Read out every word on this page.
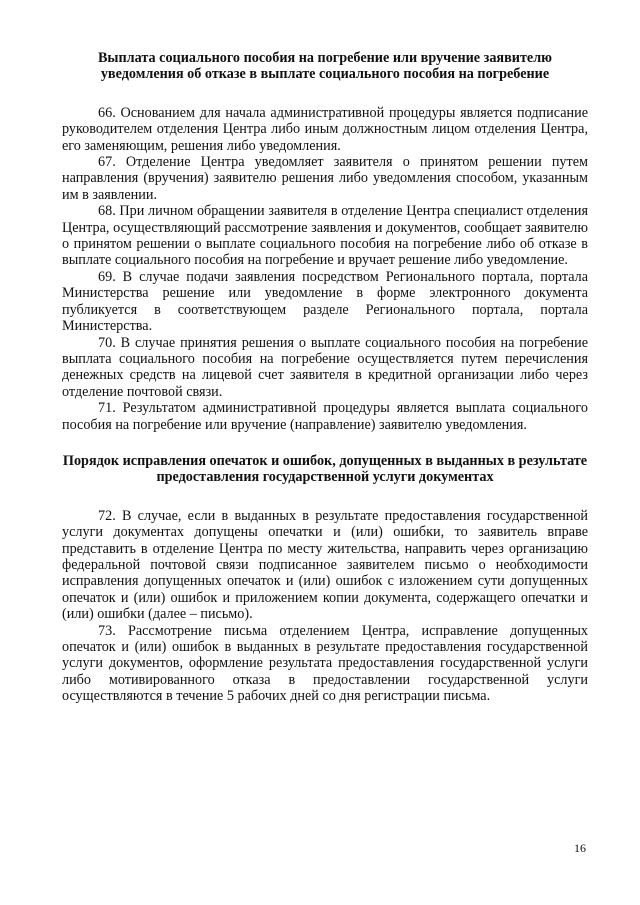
Выплата социального пособия на погребение или вручение заявителю уведомления об отказе в выплате социального пособия на погребение

66. Основанием для начала административной процедуры является подписание руководителем отделения Центра либо иным должностным лицом отделения Центра, его заменяющим, решения либо уведомления.

67. Отделение Центра уведомляет заявителя о принятом решении путем направления (вручения) заявителю решения либо уведомления способом, указанным им в заявлении.

68. При личном обращении заявителя в отделение Центра специалист отделения Центра, осуществляющий рассмотрение заявления и документов, сообщает заявителю о принятом решении о выплате социального пособия на погребение либо об отказе в выплате социального пособия на погребение и вручает решение либо уведомление.

69. В случае подачи заявления посредством Регионального портала, портала Министерства решение или уведомление в форме электронного документа публикуется в соответствующем разделе Регионального портала, портала Министерства.

70. В случае принятия решения о выплате социального пособия на погребение выплата социального пособия на погребение осуществляется путем перечисления денежных средств на лицевой счет заявителя в кредитной организации либо через отделение почтовой связи.

71. Результатом административной процедуры является выплата социального пособия на погребение или вручение (направление) заявителю уведомления.

Порядок исправления опечаток и ошибок, допущенных в выданных в результате предоставления государственной услуги документах

72. В случае, если в выданных в результате предоставления государственной услуги документах допущены опечатки и (или) ошибки, то заявитель вправе представить в отделение Центра по месту жительства, направить через организацию федеральной почтовой связи подписанное заявителем письмо о необходимости исправления допущенных опечаток и (или) ошибок с изложением сути допущенных опечаток и (или) ошибок и приложением копии документа, содержащего опечатки и (или) ошибки (далее – письмо).

73. Рассмотрение письма отделением Центра, исправление допущенных опечаток и (или) ошибок в выданных в результате предоставления государственной услуги документов, оформление результата предоставления государственной услуги либо мотивированного отказа в предоставлении государственной услуги осуществляются в течение 5 рабочих дней со дня регистрации письма.

16
